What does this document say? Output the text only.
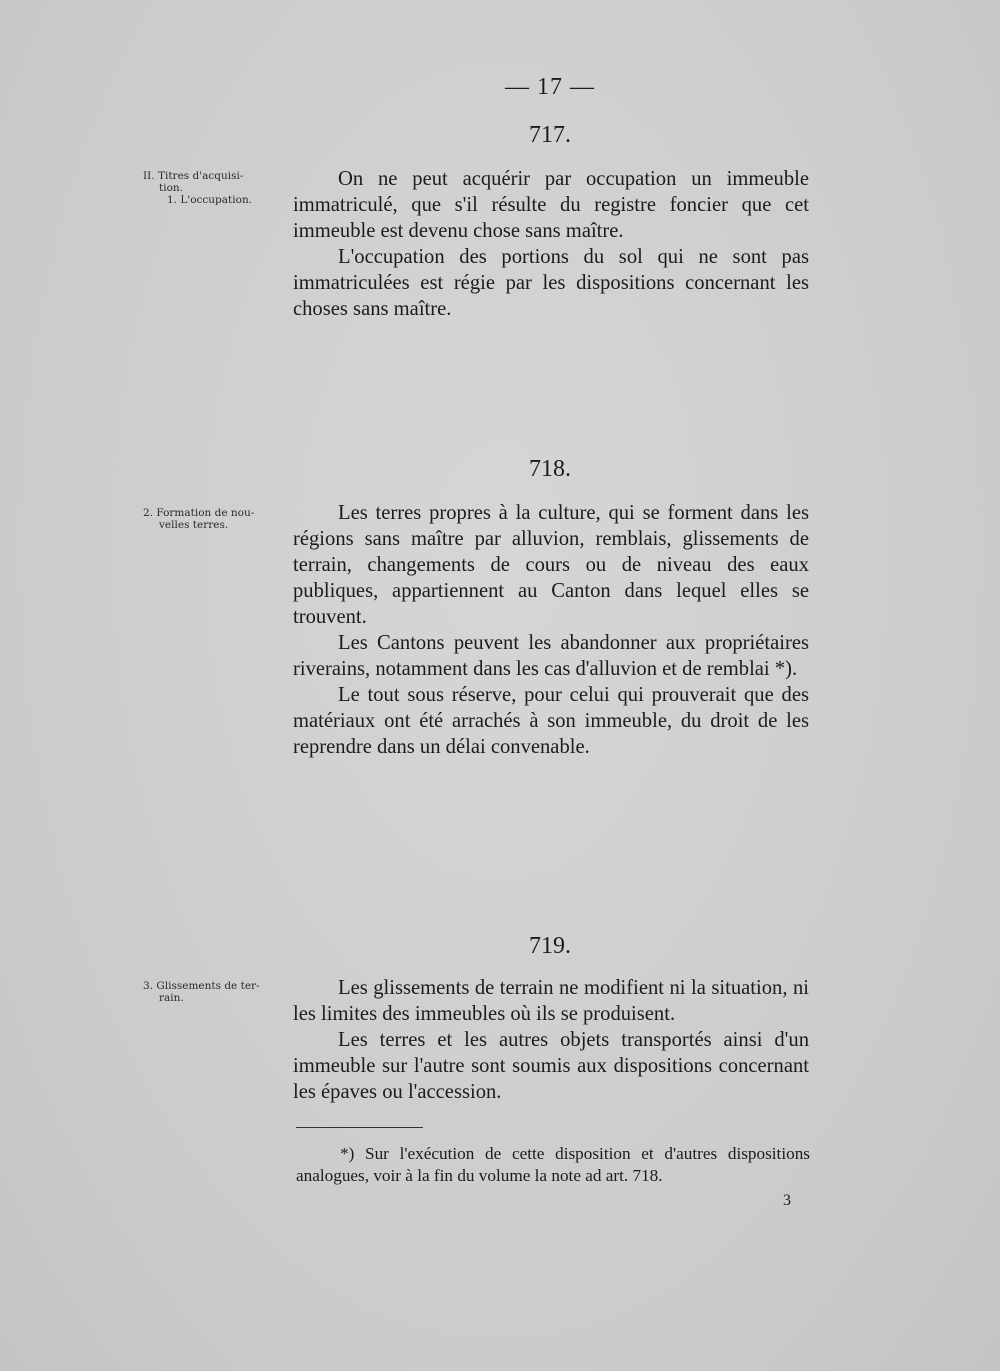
— 17 —
717.
II. Titres d'acquisi-
tion.
1. L'occupation.

On ne peut acquérir par occupation un immeuble immatriculé, que s'il résulte du registre foncier que cet immeuble est devenu chose sans maître.

L'occupation des portions du sol qui ne sont pas immatriculées est régie par les dispositions concernant les choses sans maître.

718.
2. Formation de nou-
velles terres.

Les terres propres à la culture, qui se forment dans les régions sans maître par alluvion, remblais, glissements de terrain, changements de cours ou de niveau des eaux publiques, appartiennent au Canton dans lequel elles se trouvent.

Les Cantons peuvent les abandonner aux propriétaires riverains, notamment dans les cas d'alluvion et de remblai *).

Le tout sous réserve, pour celui qui prouverait que des matériaux ont été arrachés à son immeuble, du droit de les reprendre dans un délai convenable.

719.
3. Glissements de ter-
rain.	Les glissements de terrain ne modifient ni la situation, ni les limites des immeubles où ils se produisent.

Les terres et les autres objets transportés ainsi d'un immeuble sur l'autre sont soumis aux dispositions concernant les épaves ou l'accession.

*) Sur l'exécution de cette disposition et d'autres dispositions analogues, voir à la fin du volume la note ad art. 718.

3
